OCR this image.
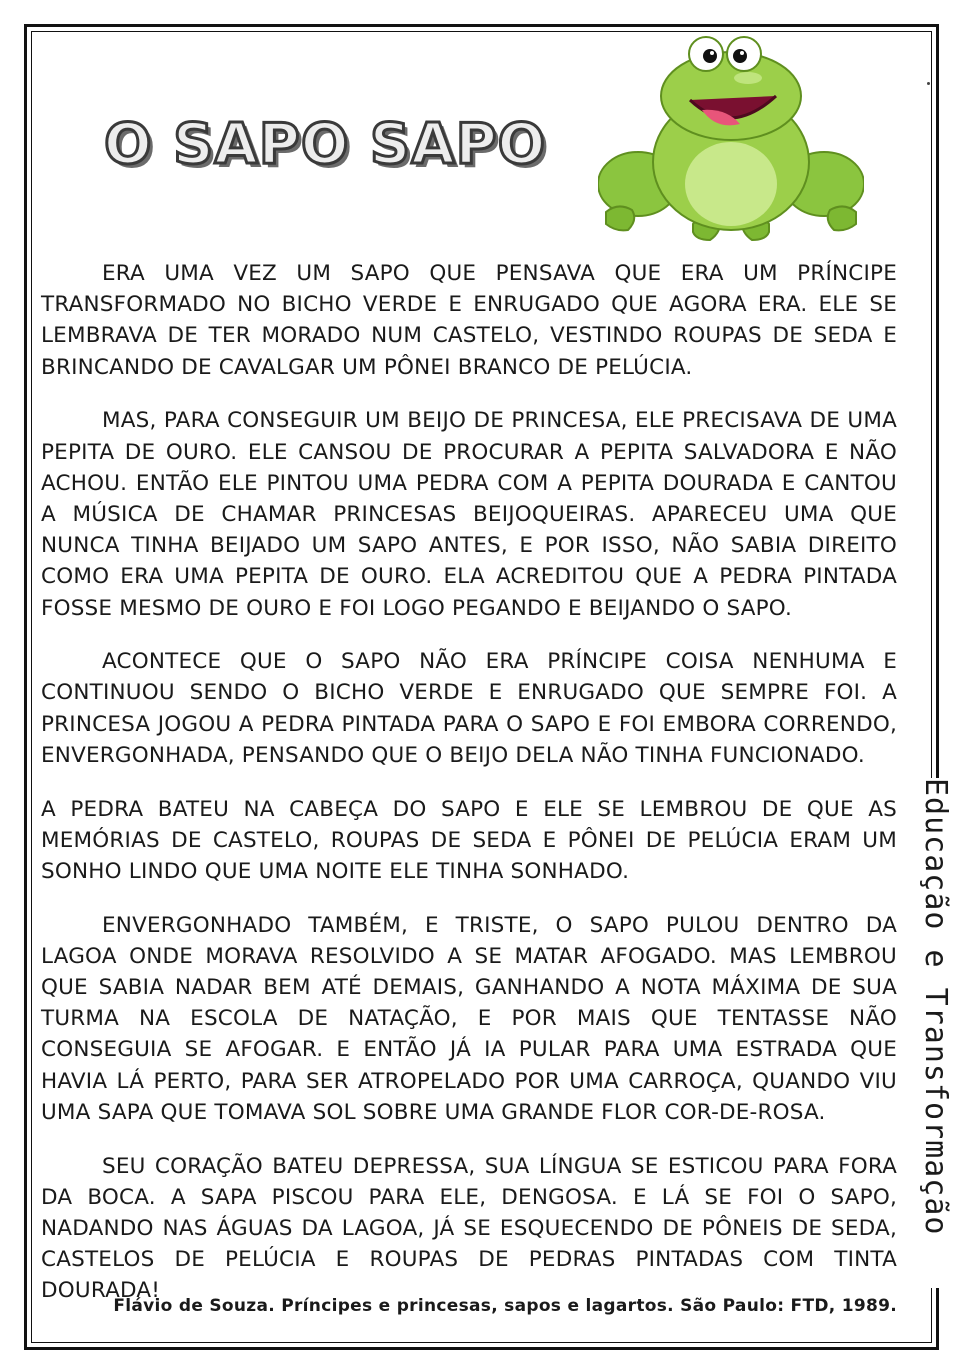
O SAPO SAPO

ERA UMA VEZ UM SAPO QUE PENSAVA QUE ERA UM PRÍNCIPE TRANSFORMADO NO BICHO VERDE E ENRUGADO QUE AGORA ERA. ELE SE LEMBRAVA DE TER MORADO NUM CASTELO, VESTINDO ROUPAS DE SEDA E BRINCANDO DE CAVALGAR UM PÔNEI BRANCO DE PELÚCIA.

MAS, PARA CONSEGUIR UM BEIJO DE PRINCESA, ELE PRECISAVA DE UMA PEPITA DE OURO. ELE CANSOU DE PROCURAR A PEPITA SALVADORA E NÃO ACHOU. ENTÃO ELE PINTOU UMA PEDRA COM A PEPITA DOURADA E CANTOU A MÚSICA DE CHAMAR PRINCESAS BEIJOQUEIRAS. APARECEU UMA QUE NUNCA TINHA BEIJADO UM SAPO ANTES, E POR ISSO, NÃO SABIA DIREITO COMO ERA UMA PEPITA DE OURO. ELA ACREDITOU QUE A PEDRA PINTADA FOSSE MESMO DE OURO E FOI LOGO PEGANDO E BEIJANDO O SAPO.

ACONTECE QUE O SAPO NÃO ERA PRÍNCIPE COISA NENHUMA E CONTINUOU SENDO O BICHO VERDE E ENRUGADO QUE SEMPRE FOI. A PRINCESA JOGOU A PEDRA PINTADA PARA O SAPO E FOI EMBORA CORRENDO, ENVERGONHADA, PENSANDO QUE O BEIJO DELA NÃO TINHA FUNCIONADO.

A PEDRA BATEU NA CABEÇA DO SAPO E ELE SE LEMBROU DE QUE AS MEMÓRIAS DE CASTELO, ROUPAS DE SEDA E PÔNEI DE PELÚCIA ERAM UM SONHO LINDO QUE UMA NOITE ELE TINHA SONHADO.

ENVERGONHADO TAMBÉM, E TRISTE, O SAPO PULOU DENTRO DA LAGOA ONDE MORAVA RESOLVIDO A SE MATAR AFOGADO. MAS LEMBROU QUE SABIA NADAR BEM ATÉ DEMAIS, GANHANDO A NOTA MÁXIMA DE SUA TURMA NA ESCOLA DE NATAÇÃO, E POR MAIS QUE TENTASSE NÃO CONSEGUIA SE AFOGAR. E ENTÃO JÁ IA PULAR PARA UMA ESTRADA QUE HAVIA LÁ PERTO, PARA SER ATROPELADO POR UMA CARROÇA, QUANDO VIU UMA SAPA QUE TOMAVA SOL SOBRE UMA GRANDE FLOR COR-DE-ROSA.

SEU CORAÇÃO BATEU DEPRESSA, SUA LÍNGUA SE ESTICOU PARA FORA DA BOCA. A SAPA PISCOU PARA ELE, DENGOSA. E LÁ SE FOI O SAPO, NADANDO NAS ÁGUAS DA LAGOA, JÁ SE ESQUECENDO DE PÔNEIS DE SEDA, CASTELOS DE PELÚCIA E ROUPAS DE PEDRAS PINTADAS COM TINTA DOURADA!

Flávio de Souza. Príncipes e princesas, sapos e lagartos. São Paulo: FTD, 1989.
Educação e Transformação
